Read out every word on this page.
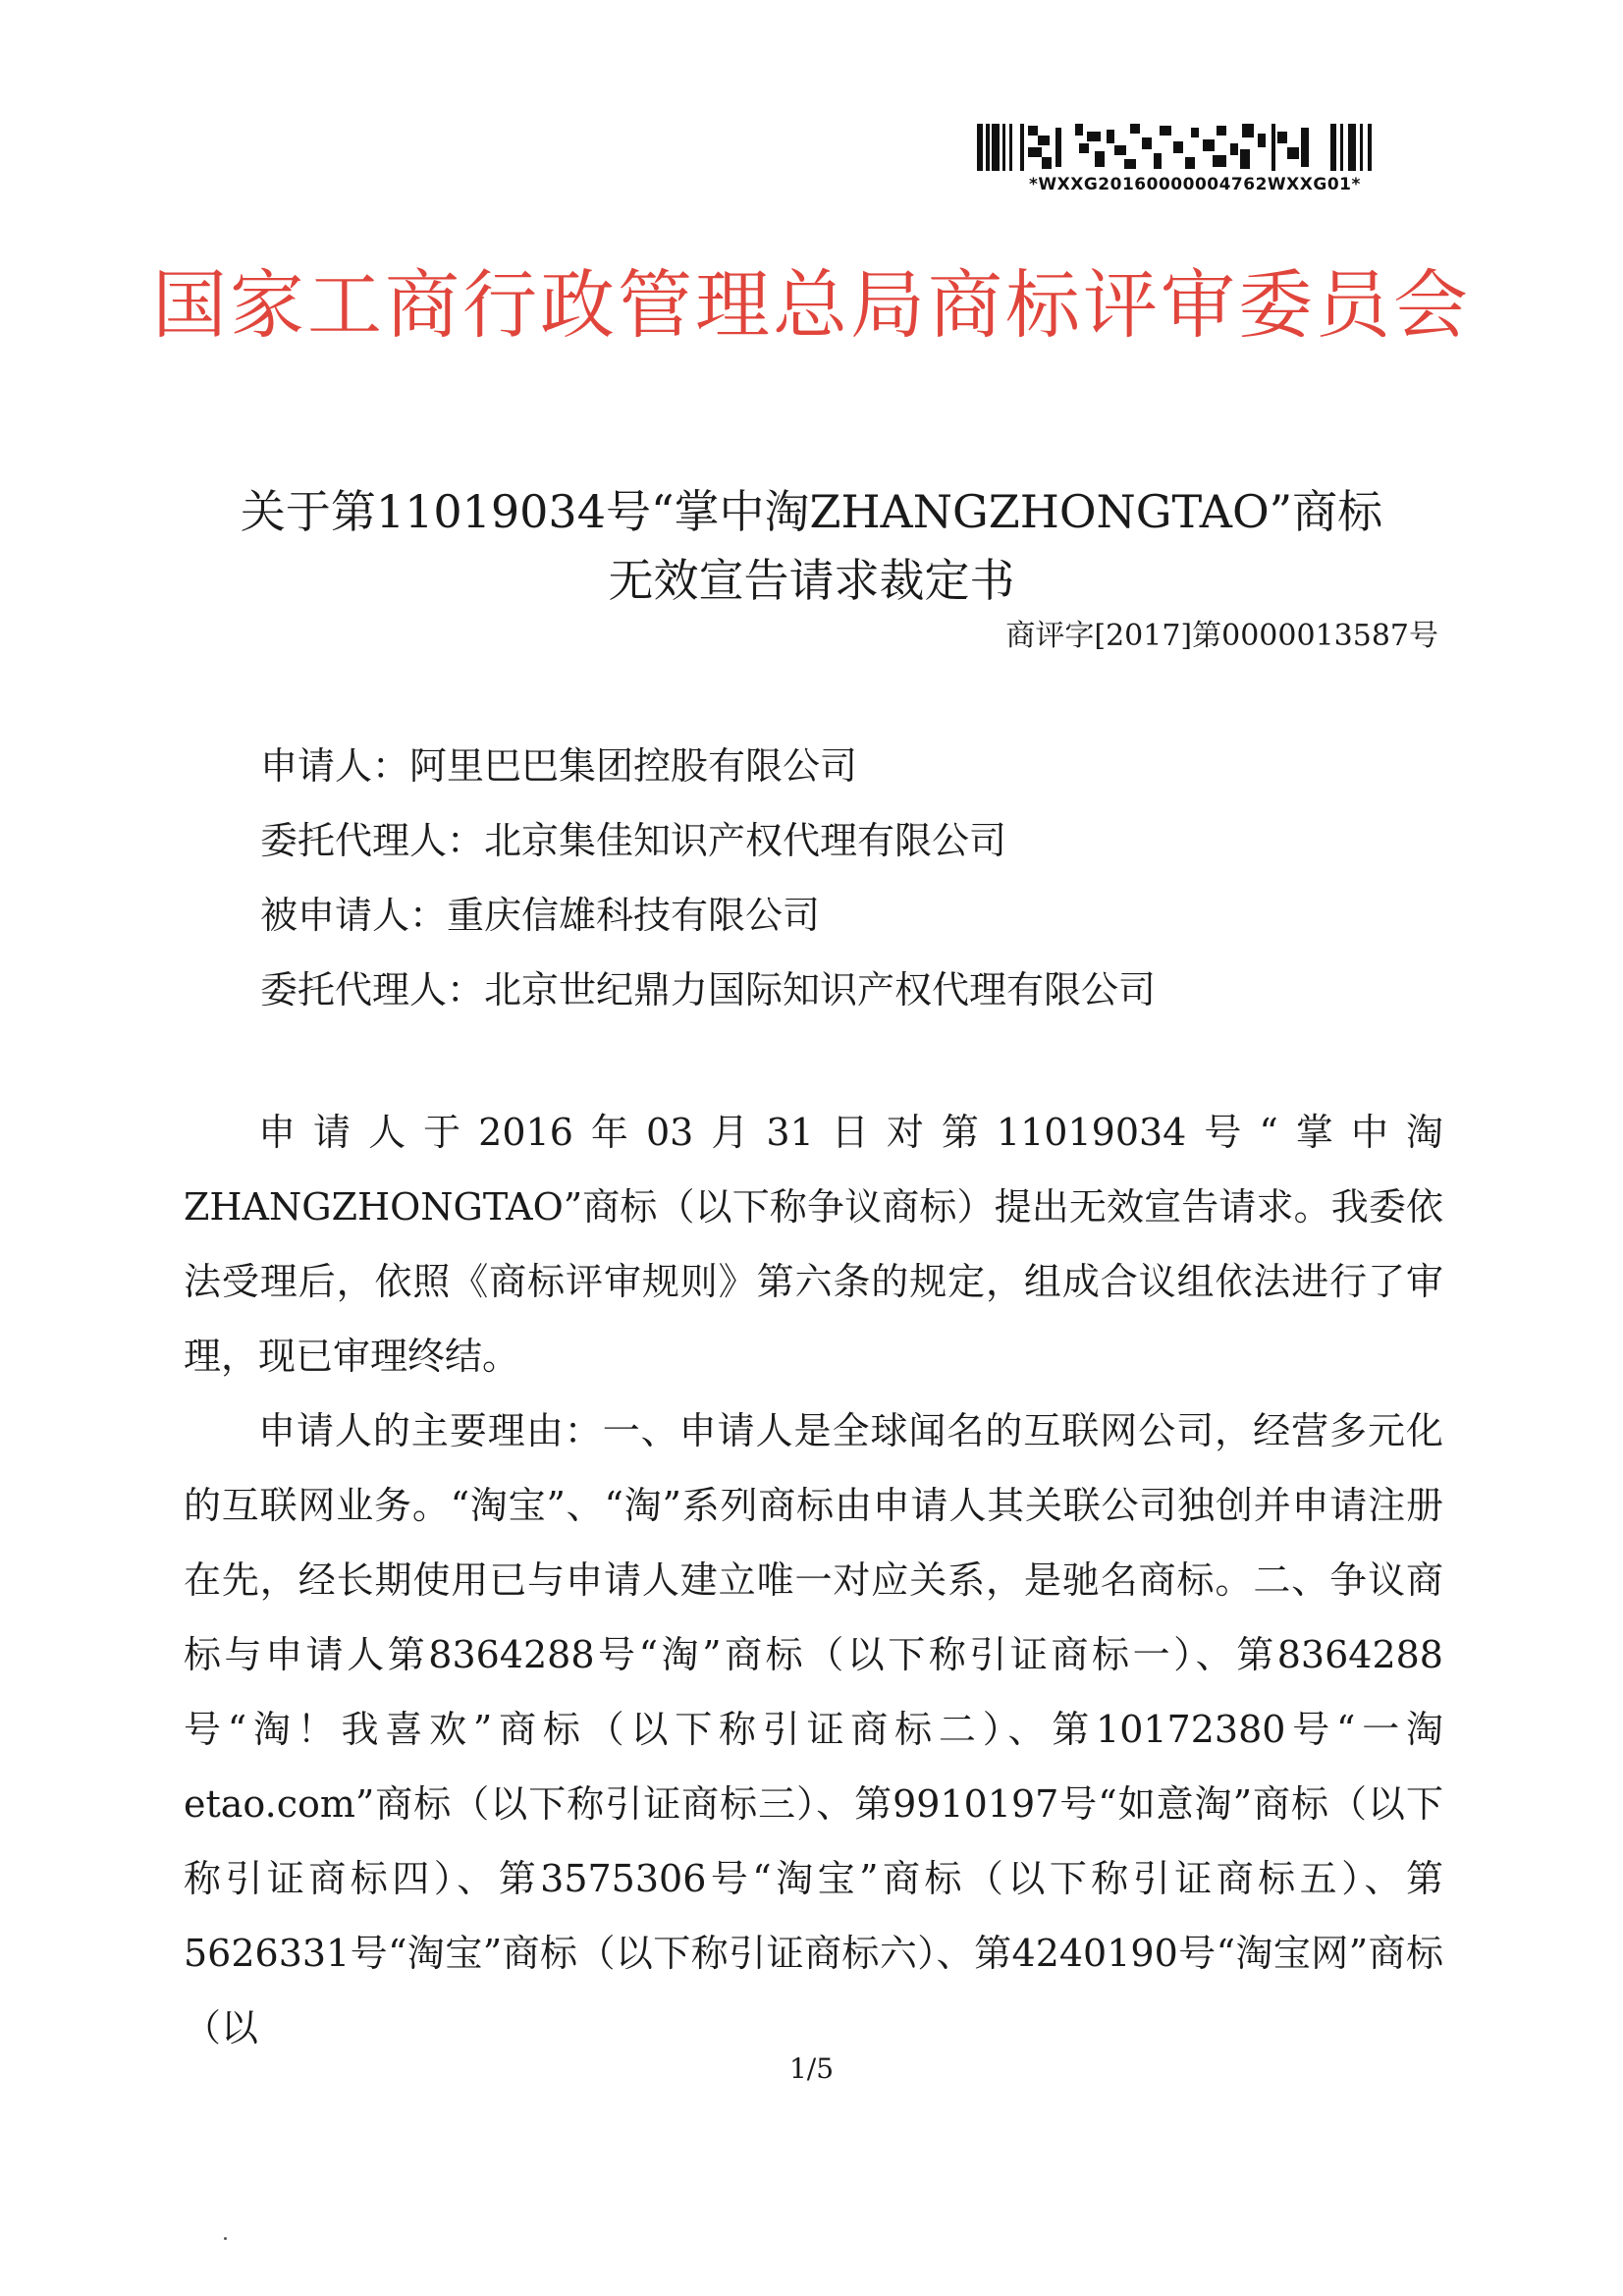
*WXXG20160000004762WXXG01*
国家工商行政管理总局商标评审委员会
关于第11019034号“掌中淘ZHANGZHONGTAO”商标
无效宣告请求裁定书
商评字[2017]第0000013587号
申请人：阿里巴巴集团控股有限公司
委托代理人：北京集佳知识产权代理有限公司
被申请人：重庆信雄科技有限公司
委托代理人：北京世纪鼎力国际知识产权代理有限公司

申请人于2016年03月31日对第11019034号“掌中淘ZHANGZHONGTAO”商标（以下称争议商标）提出无效宣告请求。我委依法受理后，依照《商标评审规则》第六条的规定，组成合议组依法进行了审理，现已审理终结。

申请人的主要理由：一、申请人是全球闻名的互联网公司，经营多元化的互联网业务。“淘宝”、“淘”系列商标由申请人其关联公司独创并申请注册在先，经长期使用已与申请人建立唯一对应关系，是驰名商标。二、争议商标与申请人第8364288号“淘”商标（以下称引证商标一）、第8364288号“淘！我喜欢”商标（以下称引证商标二）、第10172380号“一淘etao.com”商标（以下称引证商标三）、第9910197号“如意淘”商标（以下称引证商标四）、第3575306号“淘宝”商标（以下称引证商标五）、第5626331号“淘宝”商标（以下称引证商标六）、第4240190号“淘宝网”商标（以

1/5
